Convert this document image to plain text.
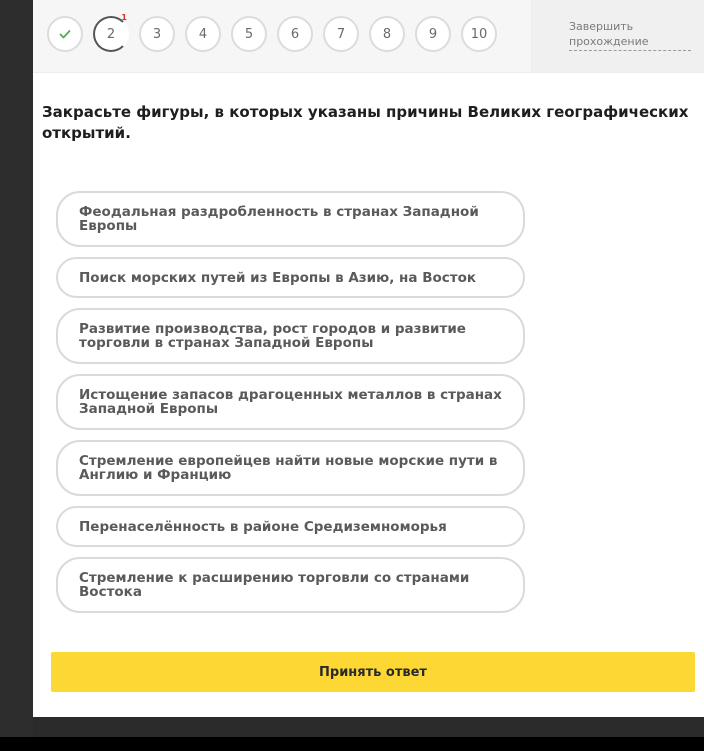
2
1
3	4	5	6	7	8	9	10	Завершить прохождение
Закрасьте фигуры, в которых указаны причины Великих географических открытий.
Феодальная раздробленность в странах Западной Европы
Поиск морских путей из Европы в Азию, на Восток
Развитие производства, рост городов и развитие торговли в странах Западной Европы
Истощение запасов драгоценных металлов в странах Западной Европы
Стремление европейцев найти новые морские пути в Англию и Францию
Перенаселённость в районе Средиземноморья
Стремление к расширению торговли со странами Востока
Принять ответ
